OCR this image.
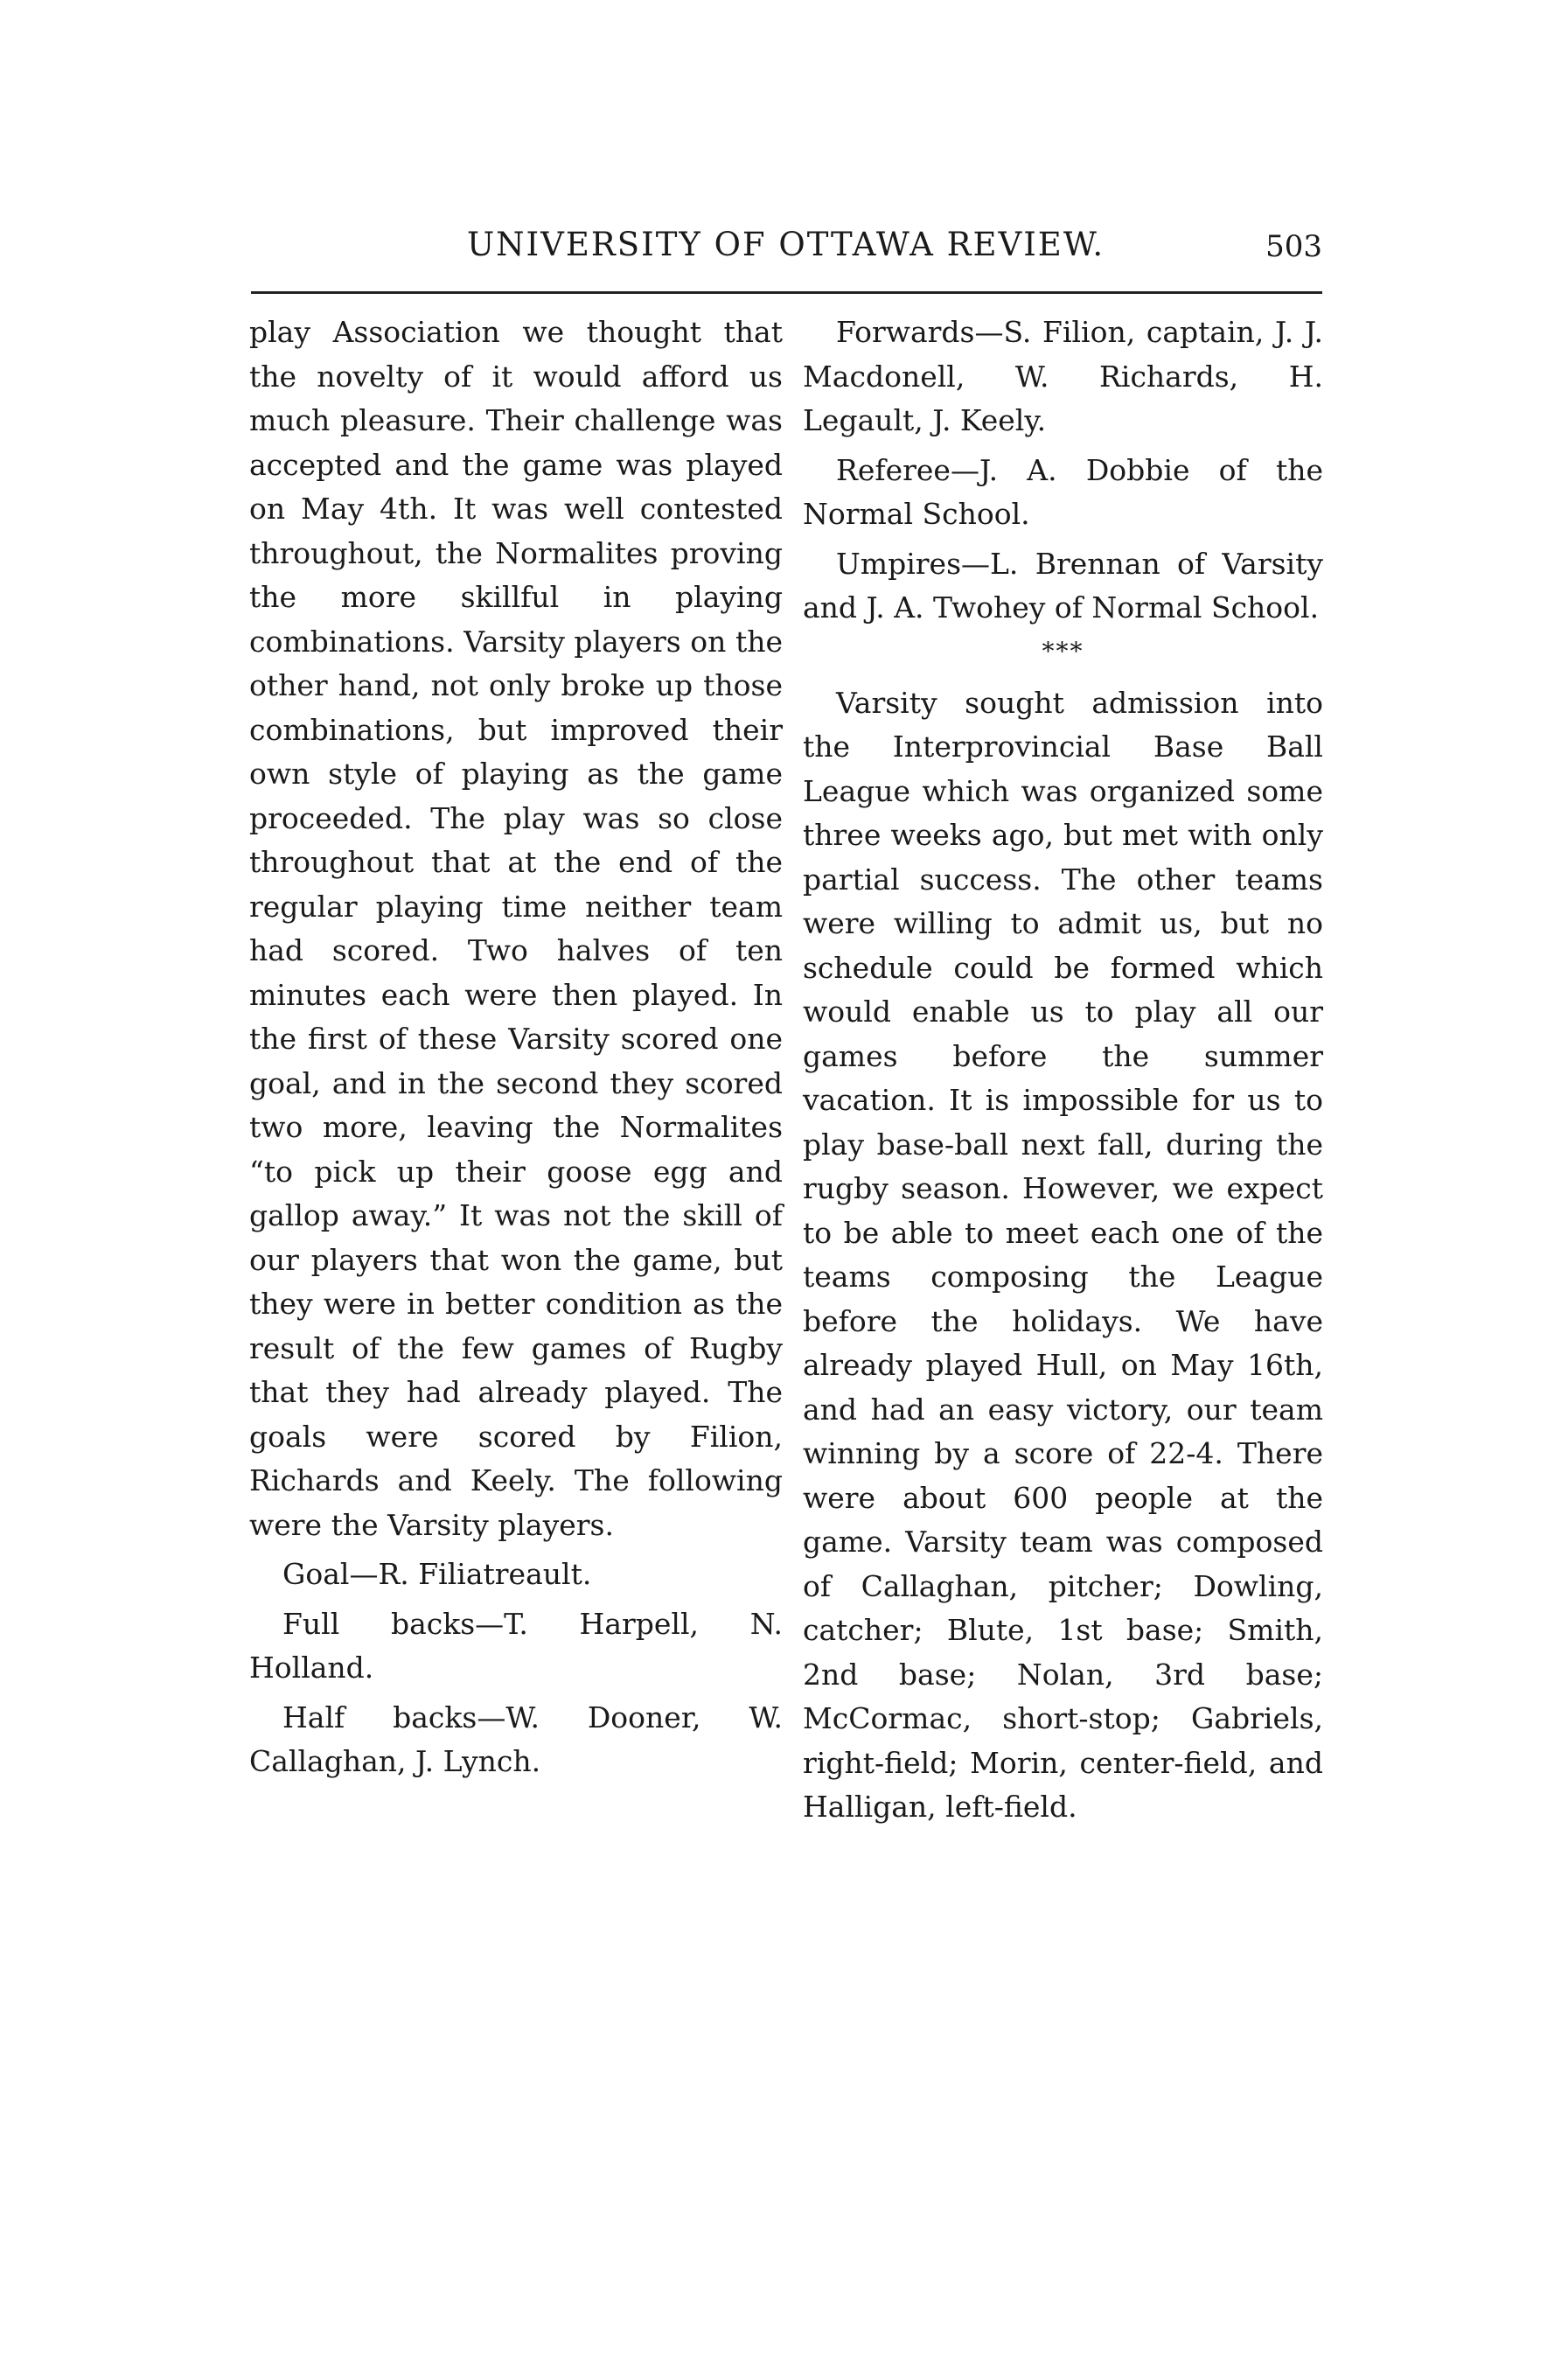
UNIVERSITY OF OTTAWA REVIEW.	503

play Association we thought that the novelty of it would afford us much pleasure. Their challenge was accepted and the game was played on May 4th. It was well contested throughout, the Normalites proving the more skillful in playing combinations. Varsity players on the other hand, not only broke up those combinations, but improved their own style of playing as the game proceeded. The play was so close throughout that at the end of the regular playing time neither team had scored. Two halves of ten minutes each were then played. In the first of these Varsity scored one goal, and in the second they scored two more, leaving the Normalites “to pick up their goose egg and gallop away.” It was not the skill of our players that won the game, but they were in better condition as the result of the few games of Rugby that they had already played. The goals were scored by Filion, Richards and Keely. The following were the Varsity players.

Goal—R. Filiatreault.

Full backs—T. Harpell, N. Holland.

Half backs—W. Dooner, W. Callaghan, J. Lynch.

Forwards—S. Filion, captain, J. J. Macdonell, W. Richards, H. Legault, J. Keely.

Referee—J. A. Dobbie of the Normal School.

Umpires—L. Brennan of Varsity and J. A. Twohey of Normal School.

***

Varsity sought admission into the Interprovincial Base Ball League which was organized some three weeks ago, but met with only partial success. The other teams were willing to admit us, but no schedule could be formed which would enable us to play all our games before the summer vacation. It is impossible for us to play base-ball next fall, during the rugby season. However, we expect to be able to meet each one of the teams composing the League before the holidays. We have already played Hull, on May 16th, and had an easy victory, our team winning by a score of 22-4. There were about 600 people at the game. Varsity team was composed of Callaghan, pitcher; Dowling, catcher; Blute, 1st base; Smith, 2nd base; Nolan, 3rd base; McCormac, short-stop; Gabriels, right-field; Morin, center-field, and Halligan, left-field.
